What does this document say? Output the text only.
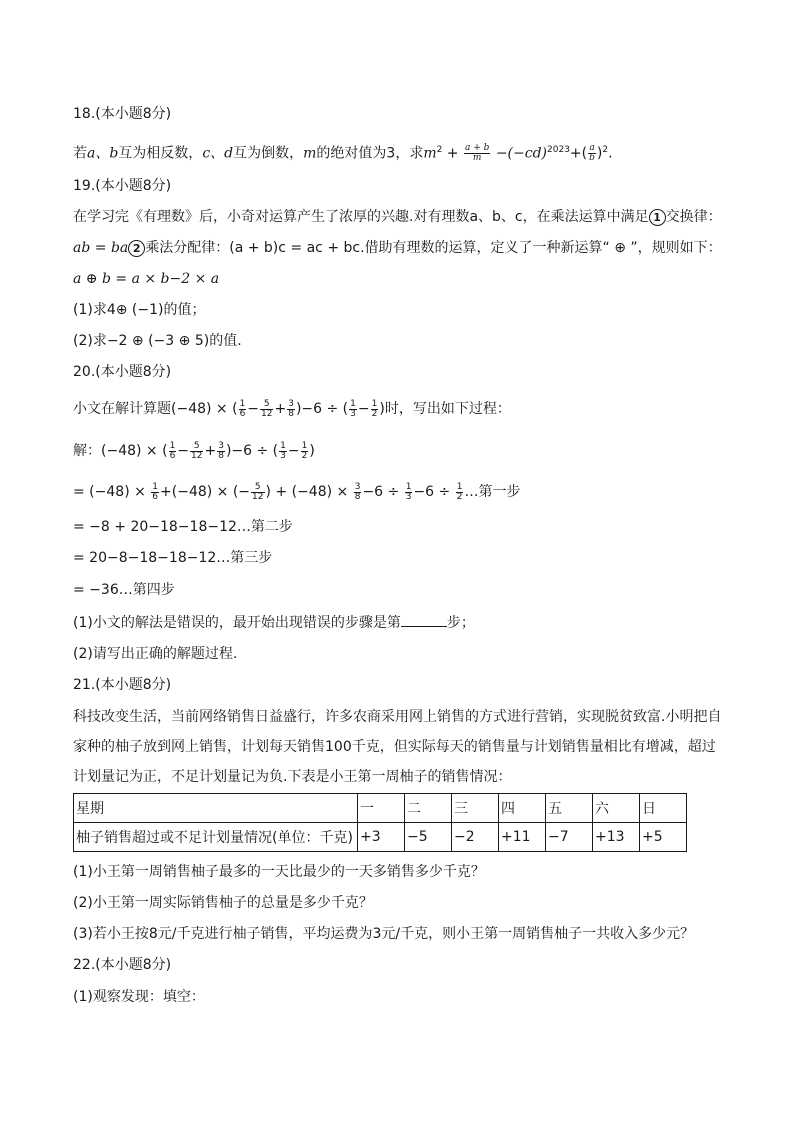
18.(本小题8分)
若a、b互为相反数，c、d互为倒数，m的绝对值为3，求$m^2 + \frac{a + b}{m} -(-cd)^{2023}+( \frac{a}{b} )^2$.
19.(本小题8分)
在学习完《有理数》后，小奇对运算产生了浓厚的兴趣.对有理数a、b、c，在乘法运算中满足 1 交换律：
ab = ba 2 乘法分配律：(a + b)c = ac + bc.借助有理数的运算，定义了一种新运算“ ⊕ ”，规则如下：
a ⊕ b = a × b−2 × a
(1)求4⊕ (−1)的值；
(2)求−2 ⊕ (−3 ⊕ 5)的值.
20.(本小题8分)
小文在解计算题(−48) × ( $\frac{1}{6} - \frac{5}{12} + \frac{3}{8} )-6$ ÷ ( $\frac{1}{3} - \frac{1}{2}$ )时，写出如下过程：
解：(−48) × ( $\frac{1}{6} - \frac{5}{12} + \frac{3}{8} )-6$ ÷ ( $\frac{1}{3} - \frac{1}{2}$ )
= $(-48) \times \frac{1}{6} +(-48)$ × (− $\frac{5}{12}$ ) + $(-48) \times \frac{3}{8} -6 \div \frac{1}{3} -6 \div \frac{1}{2}$ …第一步
= −8 + 20−18−18−12…第二步
= 20−8−18−18−12…第三步
= −36…第四步
(1)小文的解法是错误的，最开始出现错误的步骤是第	步；
(2)请写出正确的解题过程.
21.(本小题8分)
科技改变生活，当前网络销售日益盛行，许多农商采用网上销售的方式进行营销，实现脱贫致富.小明把自
家种的柚子放到网上销售，计划每天销售100千克，但实际每天的销售量与计划销售量相比有增减，超过
计划量记为正，不足计划量记为负.下表是小王第一周柚子的销售情况：
星期	一	二	三	四	五	六	日
柚子销售超过或不足计划量情况(单位：千克)	+3	−5	−2	+11	−7	+13	+5
(1)小王第一周销售柚子最多的一天比最少的一天多销售多少千克？
(2)小王第一周实际销售柚子的总量是多少千克？
(3)若小王按8元/千克进行柚子销售，平均运费为3元/千克，则小王第一周销售柚子一共收入多少元？
22.(本小题8分)
(1)观察发现：填空：
